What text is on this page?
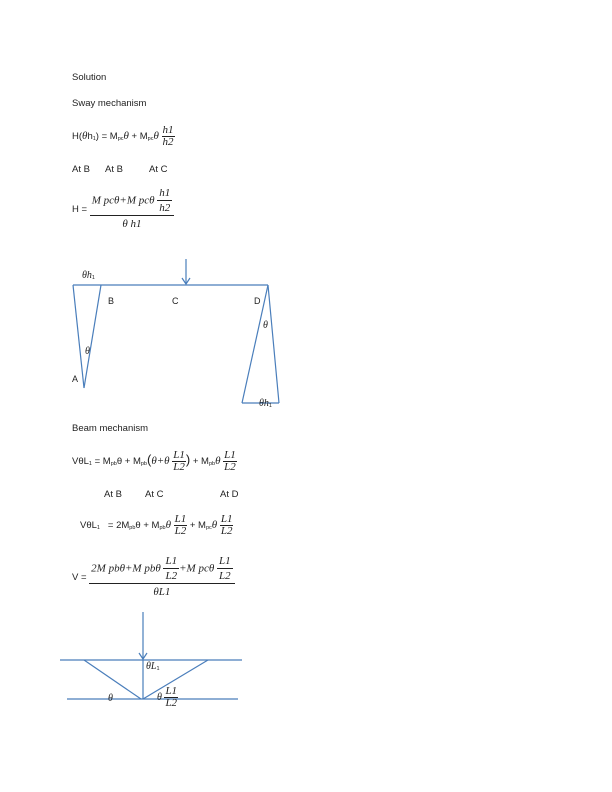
Solution
Sway mechanism
$H(\theta h_1) = M_{pc}\theta + M_{pc}\theta \frac{h1}{h2}$
At B At B	At C
$H = \frac{M pc\theta+M pc\theta \frac{h1}{h2}}{\text{θ h1}}$
$\theta h_1$
B	C	D
θ
θ
A
$\theta h_1$
Beam mechanism
$V\theta L_1 = M_{pb}\theta + M_{pb}(\theta+\theta \frac{L1}{L2}$ ) + $M_{pb}\theta \frac{L1}{L2}$
At B At C	At D
$V\theta L_1 = 2M_{pb}\theta + M_{pb}\theta \frac{L1}{L2} + M_{pc}\theta \frac{L1}{L2}$
$V = \frac{2M pb\theta+M pb\theta \frac{L1}{L2} +M pc\theta \frac{L1}{L2}}{\theta L1}$
$\theta L_1$
θ	θ $\frac{L1}{L2}$
